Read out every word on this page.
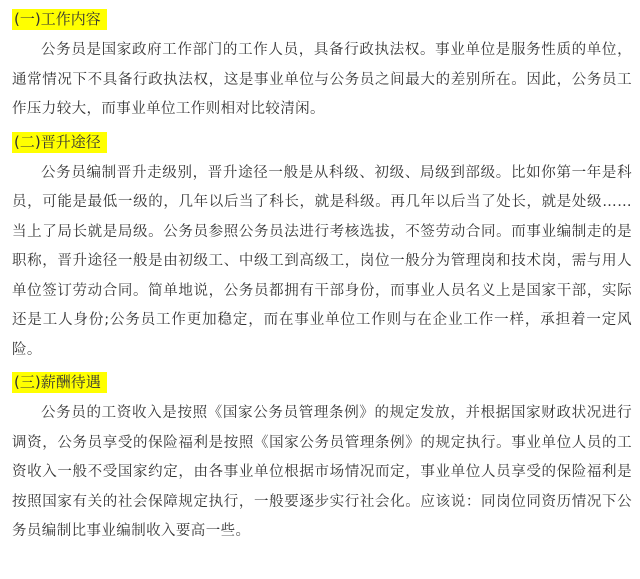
(一)工作内容

公务员是国家政府工作部门的工作人员，具备行政执法权。事业单位是服务性质的单位，通常情况下不具备行政执法权，这是事业单位与公务员之间最大的差别所在。因此，公务员工作压力较大，而事业单位工作则相对比较清闲。

(二)晋升途径

公务员编制晋升走级别，晋升途径一般是从科级、初级、局级到部级。比如你第一年是科员，可能是最低一级的，几年以后当了科长，就是科级。再几年以后当了处长，就是处级……当上了局长就是局级。公务员参照公务员法进行考核选拔，不签劳动合同。而事业编制走的是职称，晋升途径一般是由初级工、中级工到高级工，岗位一般分为管理岗和技术岗，需与用人单位签订劳动合同。简单地说，公务员都拥有干部身份，而事业人员名义上是国家干部，实际还是工人身份;公务员工作更加稳定，而在事业单位工作则与在企业工作一样，承担着一定风险。

(三)薪酬待遇

公务员的工资收入是按照《国家公务员管理条例》的规定发放，并根据国家财政状况进行调资，公务员享受的保险福利是按照《国家公务员管理条例》的规定执行。事业单位人员的工资收入一般不受国家约定，由各事业单位根据市场情况而定，事业单位人员享受的保险福利是按照国家有关的社会保障规定执行，一般要逐步实行社会化。应该说：同岗位同资历情况下公务员编制比事业编制收入要高一些。
